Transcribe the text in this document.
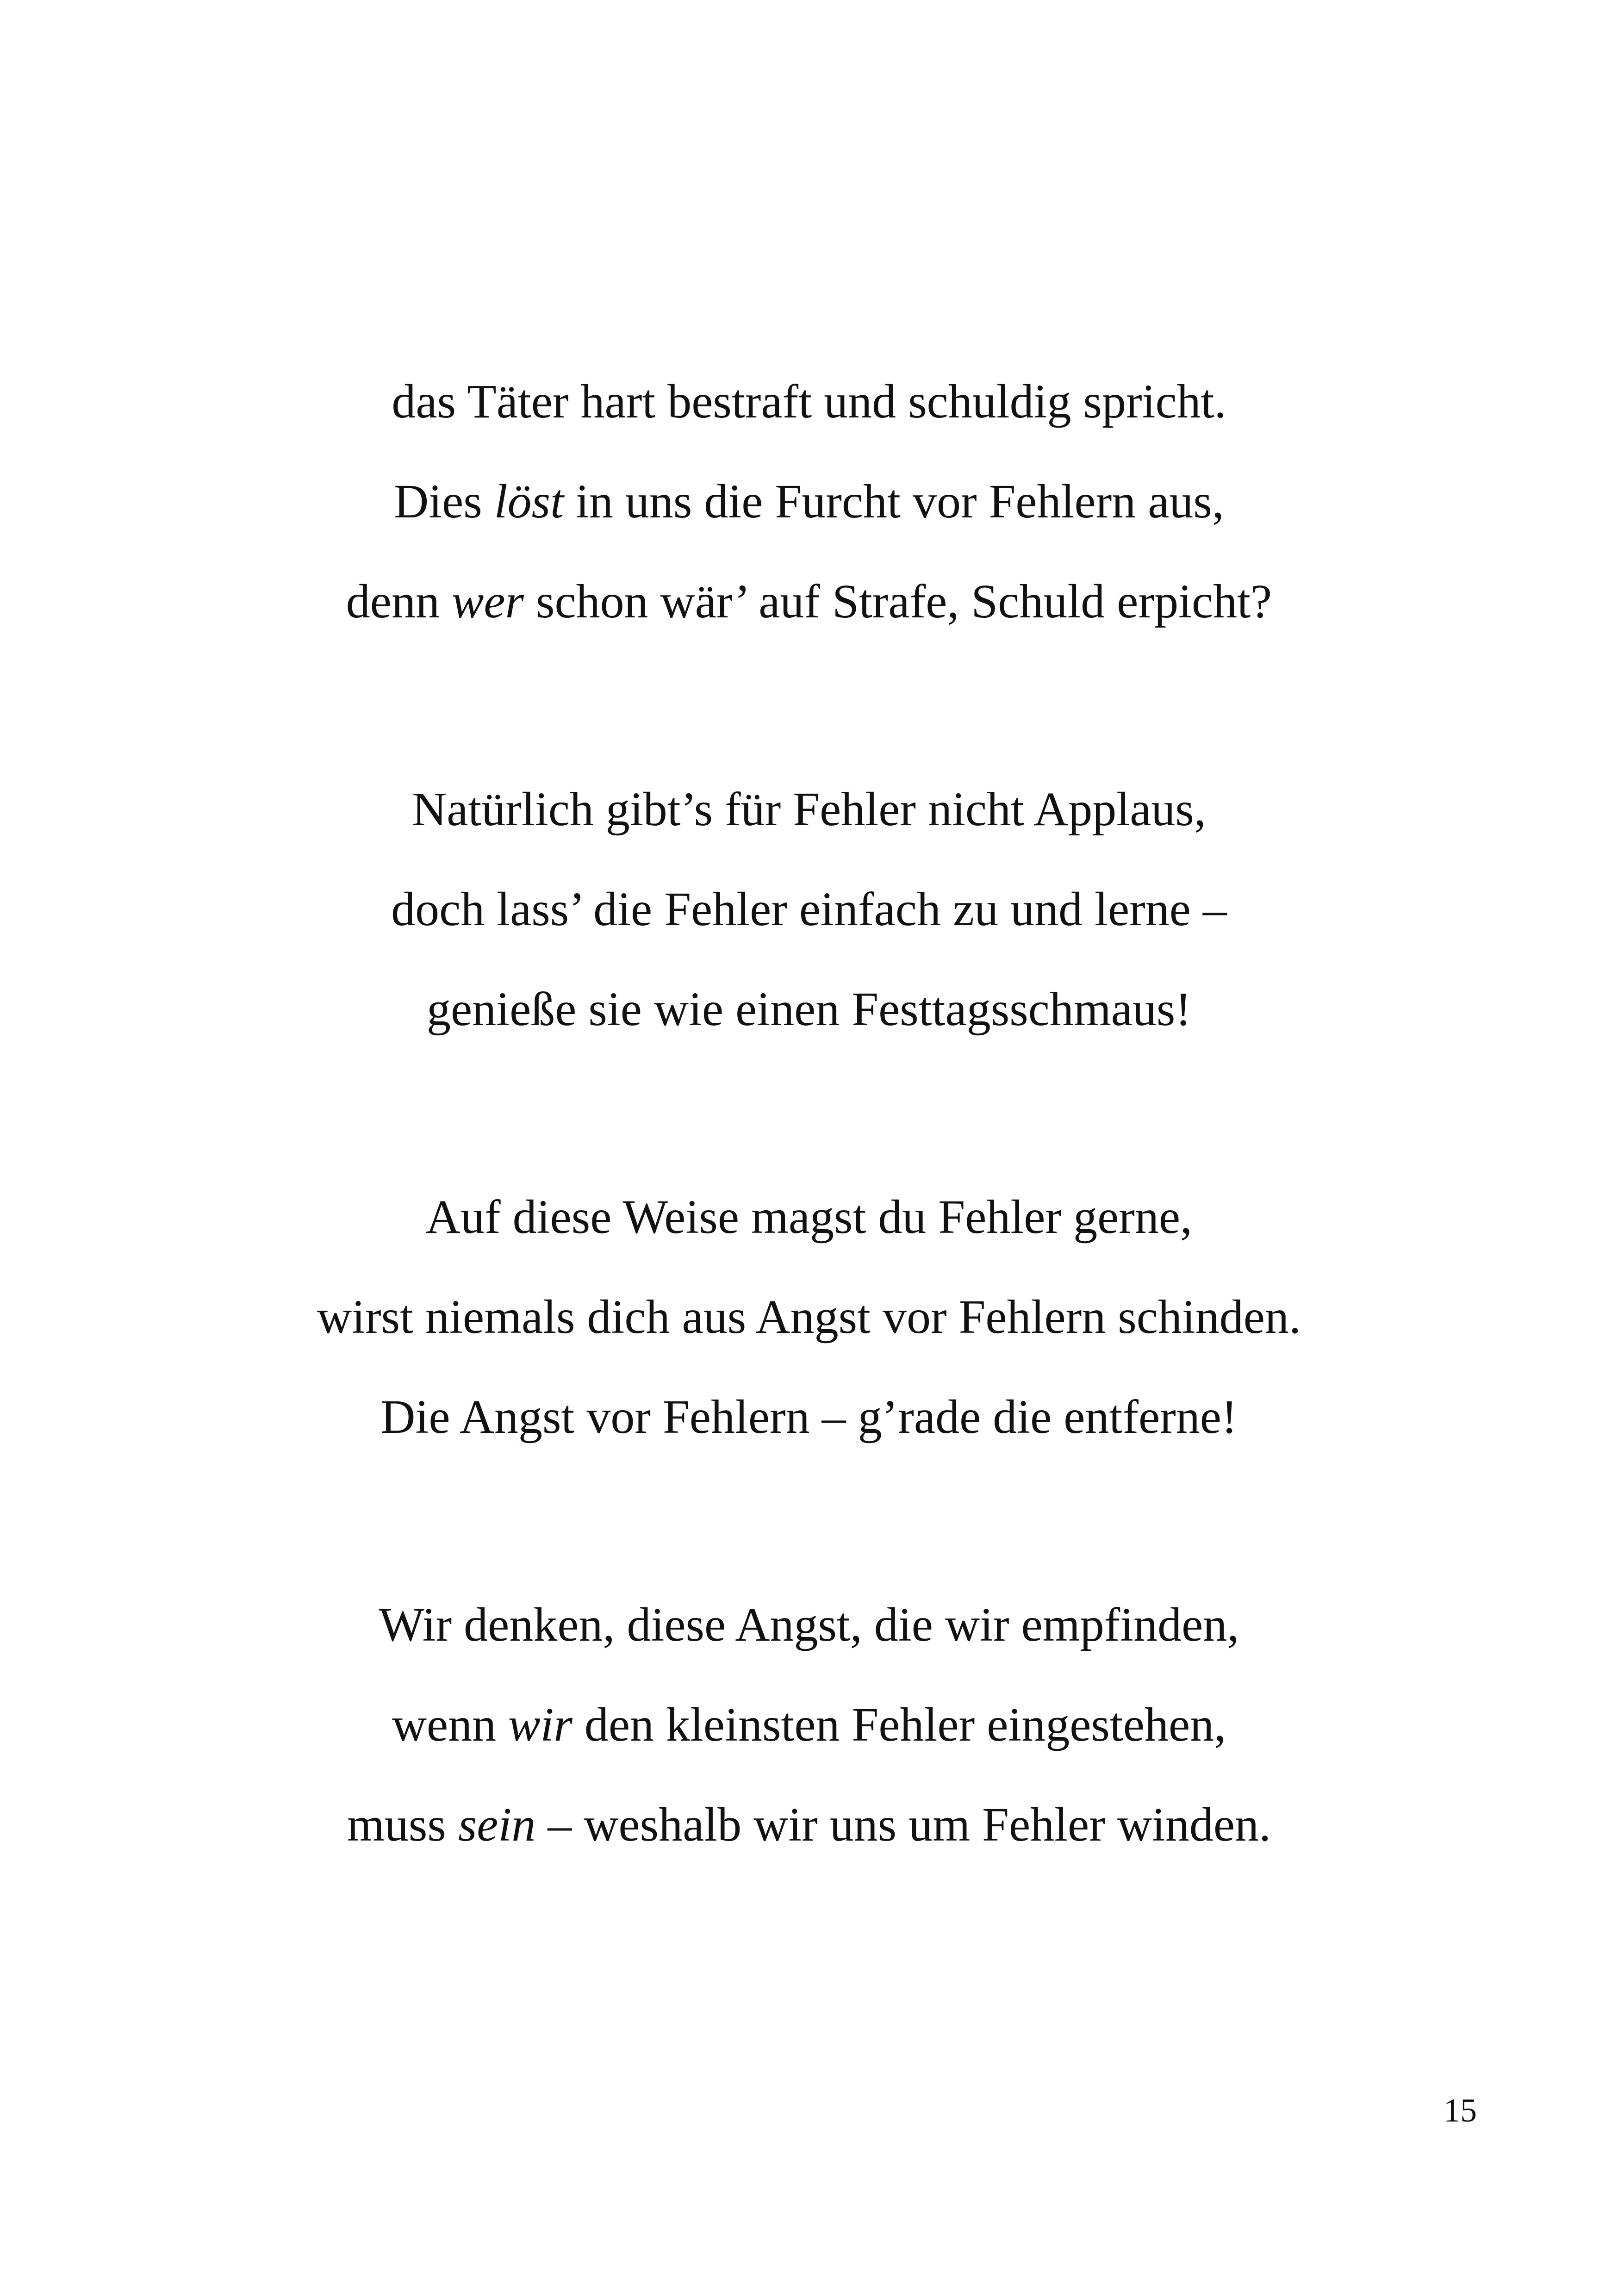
das Täter hart bestraft und schuldig spricht.
Dies löst in uns die Furcht vor Fehlern aus,
denn wer schon wär’ auf Strafe, Schuld erpicht?
Natürlich gibt’s für Fehler nicht Applaus,
doch lass’ die Fehler einfach zu und lerne –
genieße sie wie einen Festtagsschmaus!
Auf diese Weise magst du Fehler gerne,
wirst niemals dich aus Angst vor Fehlern schinden.
Die Angst vor Fehlern – g’rade die entferne!
Wir denken, diese Angst, die wir empfinden,
wenn wir den kleinsten Fehler eingestehen,
muss sein – weshalb wir uns um Fehler winden.
15
